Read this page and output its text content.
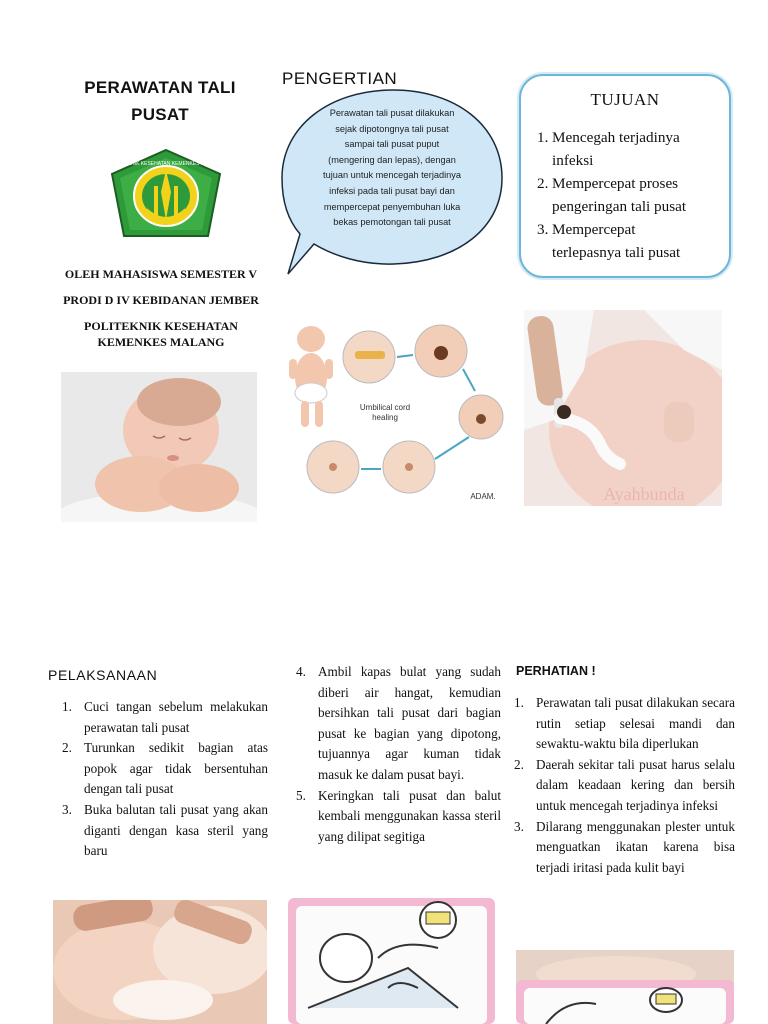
PERAWATAN TALI
PUSAT
POLITEKNIK KESEHATAN KEMENKES MALANG
OLEH MAHASISWA SEMESTER V
PRODI D IV KEBIDANAN JEMBER
POLITEKNIK KESEHATAN
KEMENKES MALANG
PENGERTIAN
Perawatan tali pusat dilakukan
sejak dipotongnya tali pusat
sampai tali pusat puput
(mengering dan lepas), dengan
tujuan untuk mencegah terjadinya
infeksi pada tali pusat bayi dan
mempercepat penyembuhan luka
bekas pemotongan tali pusat
Umbilical cord
healing
ADAM.
TUJUAN
1. Mencegah terjadinya
infeksi
2. Mempercepat proses
pengeringan tali pusat
3. Mempercepat
terlepasnya tali pusat
Ayahbunda
PELAKSANAAN
1. Cuci tangan sebelum melakukan perawatan tali pusat
2. Turunkan sedikit bagian atas popok agar tidak bersentuhan dengan tali pusat
3. Buka balutan tali pusat yang akan diganti dengan kasa steril yang baru
4. Ambil kapas bulat yang sudah diberi air hangat, kemudian bersihkan tali pusat dari bagian pusat ke bagian yang dipotong, tujuannya agar kuman tidak masuk ke dalam pusat bayi.
5. Keringkan tali pusat dan balut kembali menggunakan kassa steril yang dilipat segitiga
PERHATIAN !
1. Perawatan tali pusat dilakukan secara rutin setiap selesai mandi dan sewaktu-waktu bila diperlukan
2. Daerah sekitar tali pusat harus selalu dalam keadaan kering dan bersih untuk mencegah terjadinya infeksi
3. Dilarang menggunakan plester untuk menguatkan ikatan karena bisa terjadi iritasi pada kulit bayi
